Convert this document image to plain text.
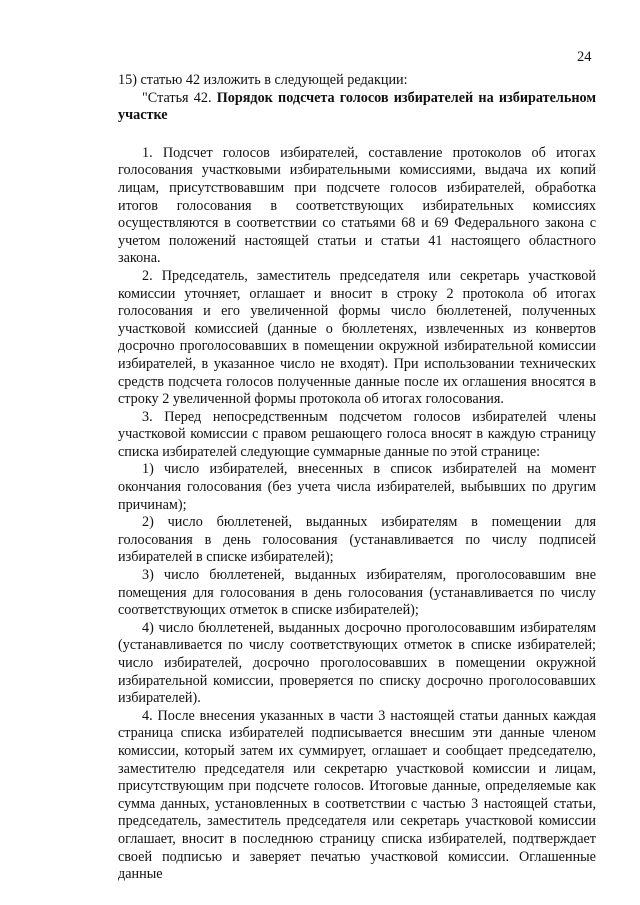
24

15) статью 42 изложить в следующей редакции:

"Статья 42. Порядок подсчета голосов избирателей на избирательном участке

1. Подсчет голосов избирателей, составление протоколов об итогах голосования участковыми избирательными комиссиями, выдача их копий лицам, присутствовавшим при подсчете голосов избирателей, обработка итогов голосования в соответствующих избирательных комиссиях осуществляются в соответствии со статьями 68 и 69 Федерального закона с учетом положений настоящей статьи и статьи 41 настоящего областного закона.

2. Председатель, заместитель председателя или секретарь участковой комиссии уточняет, оглашает и вносит в строку 2 протокола об итогах голосования и его увеличенной формы число бюллетеней, полученных участковой комиссией (данные о бюллетенях, извлеченных из конвертов досрочно проголосовавших в помещении окружной избирательной комиссии избирателей, в указанное число не входят). При использовании технических средств подсчета голосов полученные данные после их оглашения вносятся в строку 2 увеличенной формы протокола об итогах голосования.

3. Перед непосредственным подсчетом голосов избирателей члены участковой комиссии с правом решающего голоса вносят в каждую страницу списка избирателей следующие суммарные данные по этой странице:

1) число избирателей, внесенных в список избирателей на момент окончания голосования (без учета числа избирателей, выбывших по другим причинам);

2) число бюллетеней, выданных избирателям в помещении для голосования в день голосования (устанавливается по числу подписей избирателей в списке избирателей);

3) число бюллетеней, выданных избирателям, проголосовавшим вне помещения для голосования в день голосования (устанавливается по числу соответствующих отметок в списке избирателей);

4) число бюллетеней, выданных досрочно проголосовавшим избирателям (устанавливается по числу соответствующих отметок в списке избирателей; число избирателей, досрочно проголосовавших в помещении окружной избирательной комиссии, проверяется по списку досрочно проголосовавших избирателей).

4. После внесения указанных в части 3 настоящей статьи данных каждая страница списка избирателей подписывается внесшим эти данные членом комиссии, который затем их суммирует, оглашает и сообщает председателю, заместителю председателя или секретарю участковой комиссии и лицам, присутствующим при подсчете голосов. Итоговые данные, определяемые как сумма данных, установленных в соответствии с частью 3 настоящей статьи, председатель, заместитель председателя или секретарь участковой комиссии оглашает, вносит в последнюю страницу списка избирателей, подтверждает своей подписью и заверяет печатью участковой комиссии. Оглашенные данные
